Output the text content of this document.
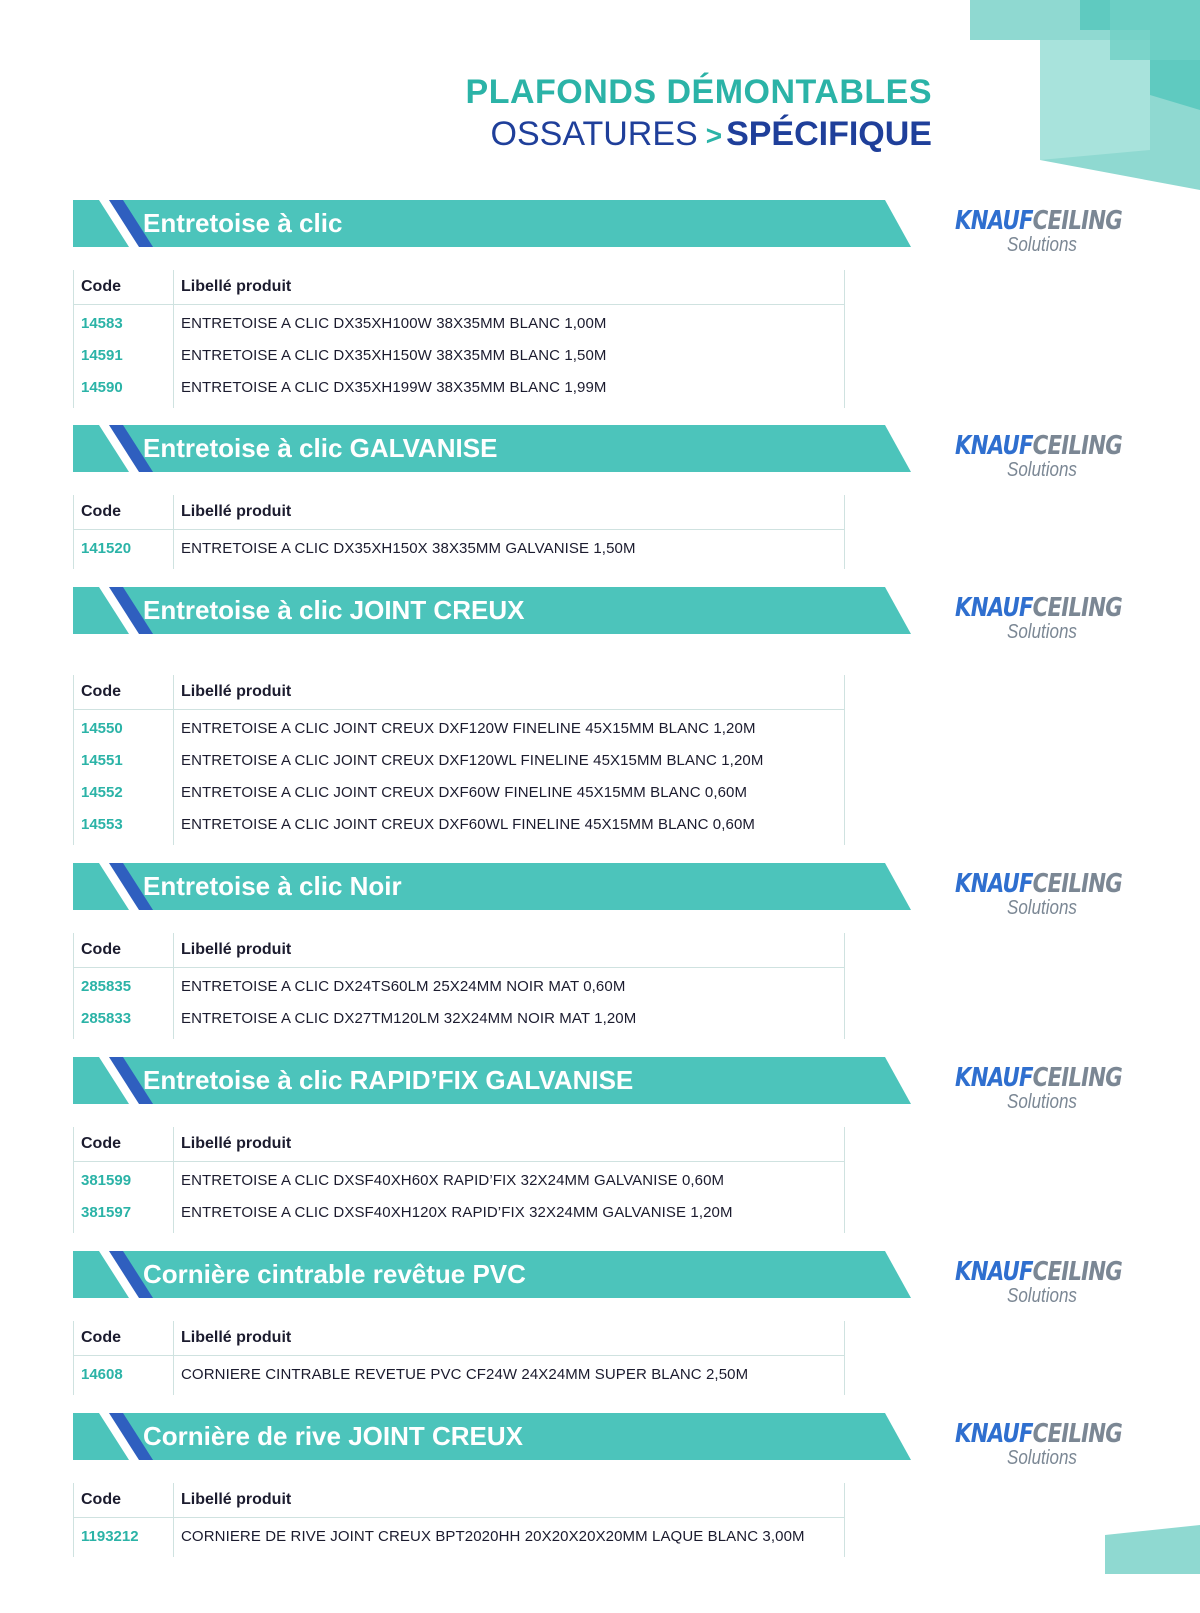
PLAFONDS DÉMONTABLES
OSSATURES > SPÉCIFIQUE
Entretoise à clic	KNAUFCEILING
Solutions
Code	Libellé produit
14583	ENTRETOISE A CLIC DX35XH100W 38X35MM BLANC 1,00M
14591	ENTRETOISE A CLIC DX35XH150W 38X35MM BLANC 1,50M
14590	ENTRETOISE A CLIC DX35XH199W 38X35MM BLANC 1,99M
Entretoise à clic GALVANISE	KNAUFCEILING
Solutions
Code	Libellé produit
141520	ENTRETOISE A CLIC DX35XH150X 38X35MM GALVANISE 1,50M
Entretoise à clic JOINT CREUX	KNAUFCEILING
Solutions
Code	Libellé produit
14550	ENTRETOISE A CLIC JOINT CREUX DXF120W FINELINE 45X15MM BLANC 1,20M
14551	ENTRETOISE A CLIC JOINT CREUX DXF120WL FINELINE 45X15MM BLANC 1,20M
14552	ENTRETOISE A CLIC JOINT CREUX DXF60W FINELINE 45X15MM BLANC 0,60M
14553	ENTRETOISE A CLIC JOINT CREUX DXF60WL FINELINE 45X15MM BLANC 0,60M
Entretoise à clic Noir	KNAUFCEILING
Solutions
Code	Libellé produit
285835	ENTRETOISE A CLIC DX24TS60LM 25X24MM NOIR MAT 0,60M
285833	ENTRETOISE A CLIC DX27TM120LM 32X24MM NOIR MAT 1,20M
Entretoise à clic RAPID’FIX GALVANISE	KNAUFCEILING
Solutions
Code	Libellé produit
381599	ENTRETOISE A CLIC DXSF40XH60X RAPID’FIX 32X24MM GALVANISE 0,60M
381597	ENTRETOISE A CLIC DXSF40XH120X RAPID’FIX 32X24MM GALVANISE 1,20M
Cornière cintrable revêtue PVC	KNAUFCEILING
Solutions
Code	Libellé produit
14608	CORNIERE CINTRABLE REVETUE PVC CF24W 24X24MM SUPER BLANC 2,50M
Cornière de rive JOINT CREUX	KNAUFCEILING
Solutions
Code	Libellé produit
1193212	CORNIERE DE RIVE JOINT CREUX BPT2020HH 20X20X20X20MM LAQUE BLANC 3,00M
